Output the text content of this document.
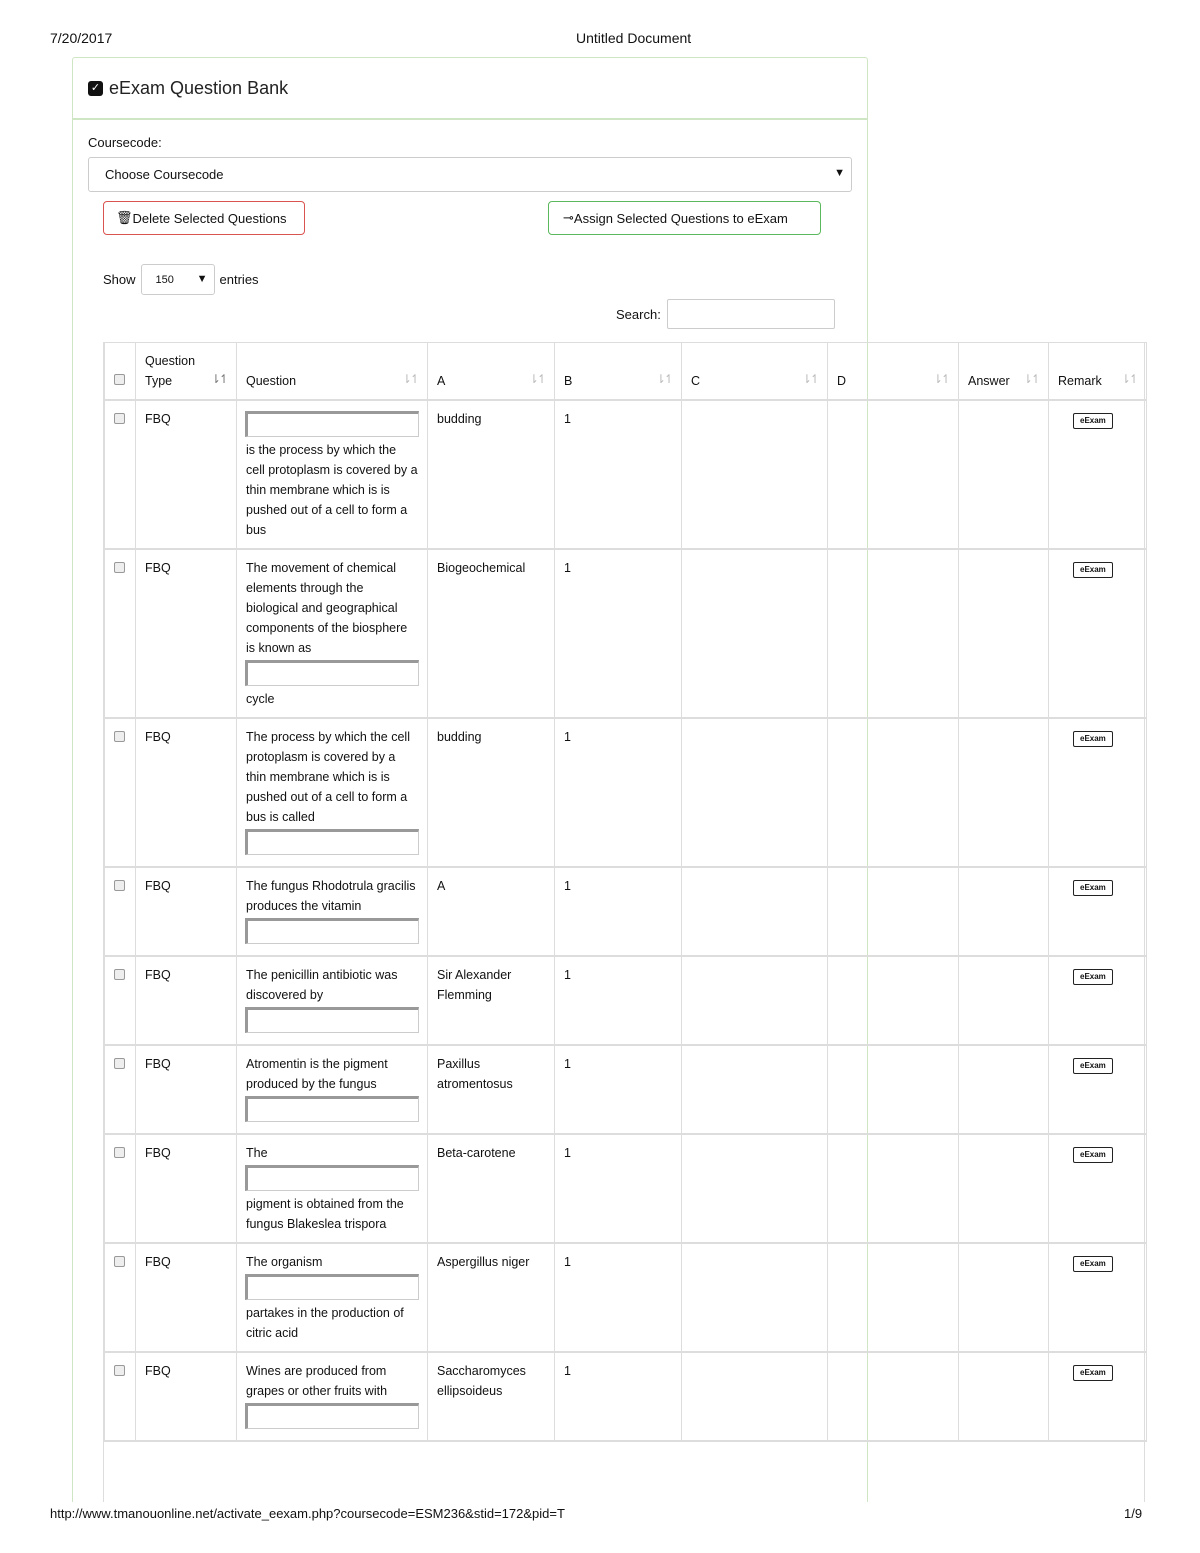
7/20/2017	Untitled Document
✓ eExam Question Bank
Coursecode:
Choose Coursecode	▼
🗑 Delete Selected Questions	⊸ Assign Selected Questions to eExam
Show 150 ▼ entries
Search:

	Question Type ⇂↿	Question ⇂↿	A ⇂↿	B ⇂↿	C ⇂↿	D ⇂↿	Answer ⇂↿	Remark ⇂↿

	FBQ	is the process by which the cell protoplasm is covered by a thin membrane which is is pushed out of a cell to form a bus	budding	1				eExam
	FBQ	The movement of chemical elements through the biological and geographical components of the biosphere is known as
cycle	Biogeochemical	1				eExam
	FBQ	The process by which the cell protoplasm is covered by a thin membrane which is is pushed out of a cell to form a bus is called	budding	1				eExam
	FBQ	The fungus Rhodotrula gracilis produces the vitamin	A	1				eExam
	FBQ	The penicillin antibiotic was discovered by	Sir Alexander Flemming	1				eExam
	FBQ	Atromentin is the pigment produced by the fungus	Paxillus atromentosus	1				eExam
	FBQ	The
pigment is obtained from the fungus Blakeslea trispora	Beta-carotene	1				eExam
	FBQ	The organism
partakes in the production of citric acid	Aspergillus niger	1				eExam
	FBQ	Wines are produced from grapes or other fruits with	Saccharomyces ellipsoideus	1				eExam
http://www.tmanouonline.net/activate_eexam.php?coursecode=ESM236&stid=172&pid=T	1/9
